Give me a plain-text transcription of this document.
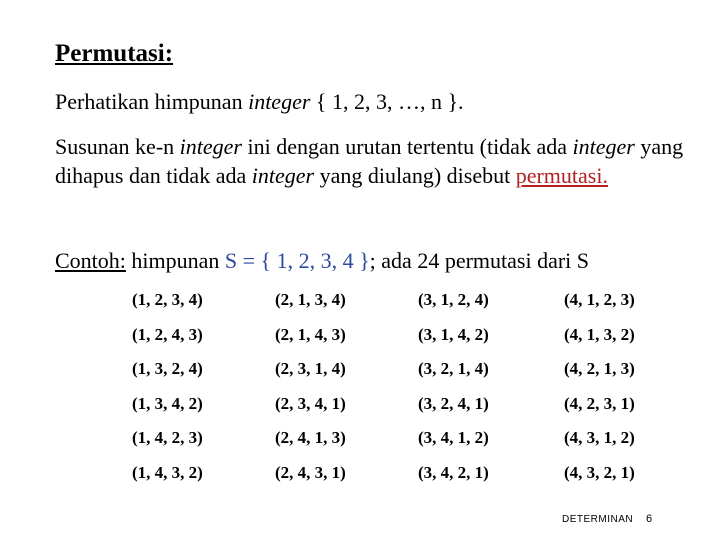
Permutasi:
Perhatikan himpunan integer { 1, 2, 3, …, n }.
Susunan ke-n integer ini dengan urutan tertentu (tidak ada integer yang dihapus dan tidak ada integer yang diulang) disebut permutasi.
Contoh: himpunan S = { 1, 2, 3, 4 }; ada 24 permutasi dari S
(1, 2, 3, 4)	(2, 1, 3, 4)	(3, 1, 2, 4)	(4, 1, 2, 3)
(1, 2, 4, 3)	(2, 1, 4, 3)	(3, 1, 4, 2)	(4, 1, 3, 2)
(1, 3, 2, 4)	(2, 3, 1, 4)	(3, 2, 1, 4)	(4, 2, 1, 3)
(1, 3, 4, 2)	(2, 3, 4, 1)	(3, 2, 4, 1)	(4, 2, 3, 1)
(1, 4, 2, 3)	(2, 4, 1, 3)	(3, 4, 1, 2)	(4, 3, 1, 2)
(1, 4, 3, 2)	(2, 4, 3, 1)	(3, 4, 2, 1)	(4, 3, 2, 1)
DETERMINAN 6
